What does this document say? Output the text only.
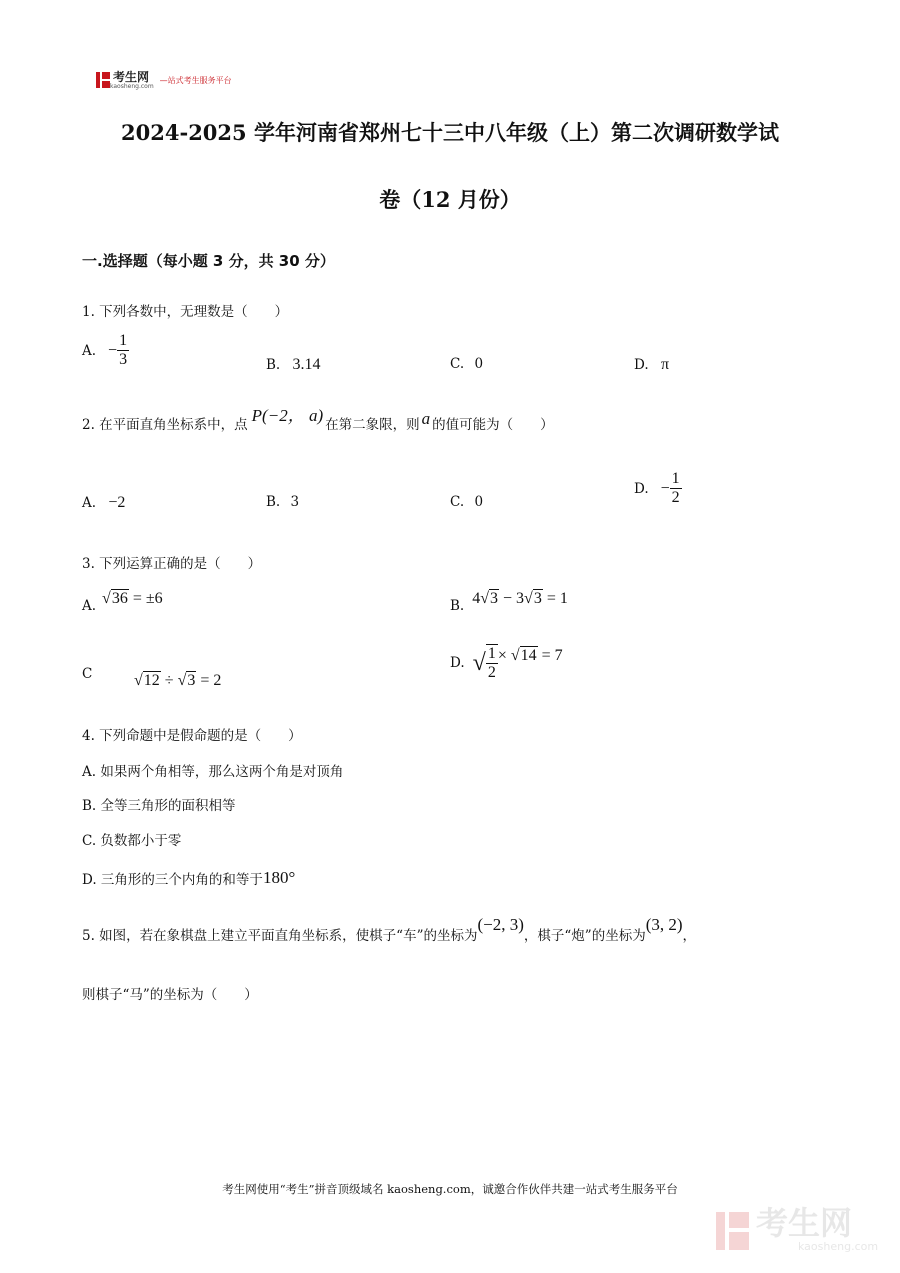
考生网
kaosheng.com
—站式考生服务平台
2024-2025 学年河南省郑州七十三中八年级（上）第二次调研数学试
卷（12 月份）
一.选择题（每小题 3 分，共 30 分）
1. 下列各数中，无理数是（　　）
A. − $\frac{1}{3}$	B. 3.14	C. 0	D. π
2. 在平面直角坐标系中，点
P(−2， a)
在第二象限，则 a 的值可能为（　　）
A. −2	B. 3	C. 0
D. − $\frac{1}{2}$
3. 下列运算正确的是（　　）
A. √36 = ±6	B. 4√3 − 3√3 = 1
C	√12 ÷ √3 = 2
D. √ $\frac{1}{2} \times √14 = 7$
4. 下列命题中是假命题的是（　　）
A. 如果两个角相等，那么这两个角是对顶角
B. 全等三角形的面积相等
C. 负数都小于零
D. 三角形的三个内角的和等于 180°
5. 如图，若在象棋盘上建立平面直角坐标系，使棋子“车”的坐标为
(−2, 3)
，棋子“炮”的坐标为
(3, 2)
，
则棋子“马”的坐标为（　　）
考生网使用“考生”拼音顶级域名 kaosheng.com，诚邀合作伙伴共建一站式考生服务平台
考生网
kaosheng.com
